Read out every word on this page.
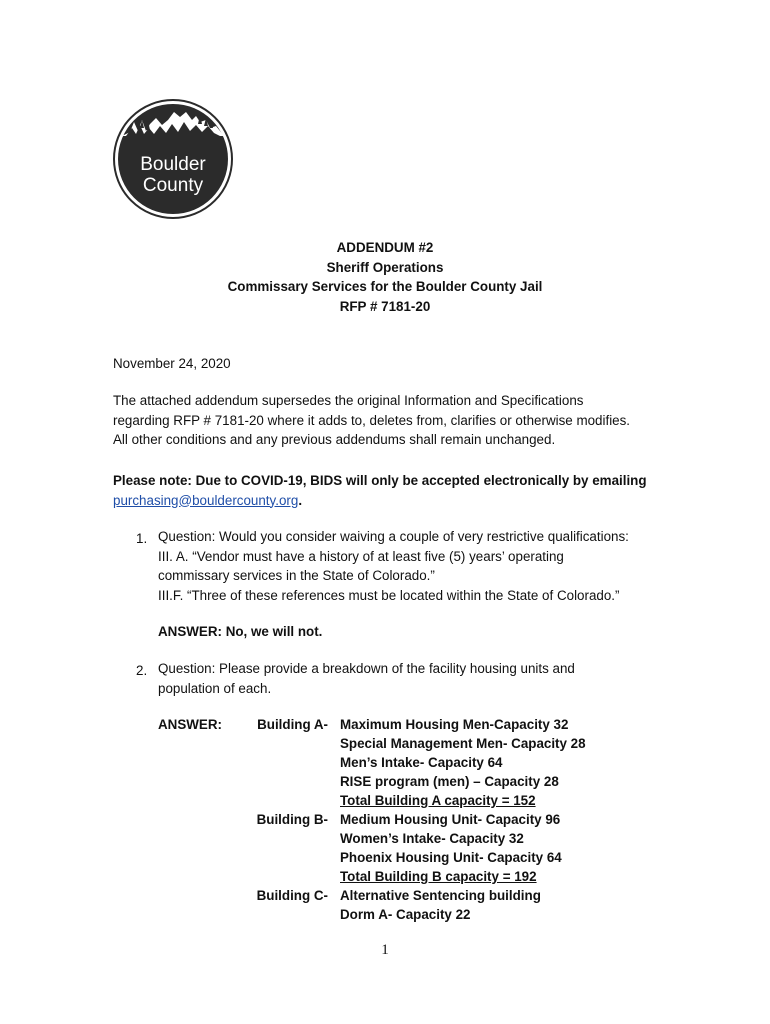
Boulder
County
ADDENDUM #2
Sheriff Operations
Commissary Services for the Boulder County Jail
RFP # 7181-20
November 24, 2020
The attached addendum supersedes the original Information and Specifications
regarding RFP # 7181-20 where it adds to, deletes from, clarifies or otherwise modifies.
All other conditions and any previous addendums shall remain unchanged.
Please note: Due to COVID-19, BIDS will only be accepted electronically by emailing
purchasing@bouldercounty.org.
1. Question: Would you consider waiving a couple of very restrictive qualifications:
III. A. “Vendor must have a history of at least five (5) years’ operating
commissary services in the State of Colorado.”
III.F. “Three of these references must be located within the State of Colorado.”
ANSWER: No, we will not.
2. Question: Please provide a breakdown of the facility housing units and
population of each.
ANSWER:	Building A-
Building B-
Building C-
Maximum Housing Men-Capacity 32
Special Management Men- Capacity 28
Men’s Intake- Capacity 64
RISE program (men) – Capacity 28
Total Building A capacity = 152
Medium Housing Unit- Capacity 96
Women’s Intake- Capacity 32
Phoenix Housing Unit- Capacity 64
Total Building B capacity = 192
Alternative Sentencing building
Dorm A- Capacity 22
1
